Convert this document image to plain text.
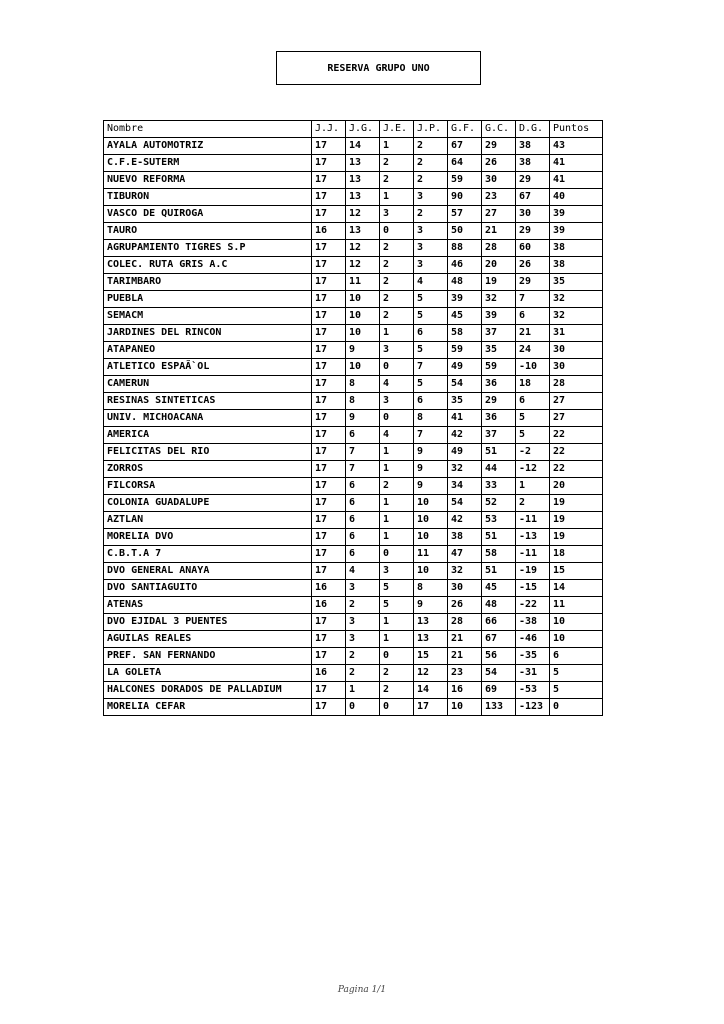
RESERVA GRUPO UNO
Nombre	J.J.	J.G.	J.E.	J.P.	G.F.	G.C.	D.G.	Puntos
AYALA AUTOMOTRIZ	17	14	1	2	67	29	38	43
C.F.E-SUTERM	17	13	2	2	64	26	38	41
NUEVO REFORMA	17	13	2	2	59	30	29	41
TIBURON	17	13	1	3	90	23	67	40
VASCO DE QUIROGA	17	12	3	2	57	27	30	39
TAURO	16	13	0	3	50	21	29	39
AGRUPAMIENTO TIGRES S.P	17	12	2	3	88	28	60	38
COLEC. RUTA GRIS A.C	17	12	2	3	46	20	26	38
TARIMBARO	17	11	2	4	48	19	29	35
PUEBLA	17	10	2	5	39	32	7	32
SEMACM	17	10	2	5	45	39	6	32
JARDINES DEL RINCON	17	10	1	6	58	37	21	31
ATAPANEO	17	9	3	5	59	35	24	30
ATLETICO ESPAÃ`OL	17	10	0	7	49	59	-10	30
CAMERUN	17	8	4	5	54	36	18	28
RESINAS SINTETICAS	17	8	3	6	35	29	6	27
UNIV. MICHOACANA	17	9	0	8	41	36	5	27
AMERICA	17	6	4	7	42	37	5	22
FELICITAS DEL RIO	17	7	1	9	49	51	-2	22
ZORROS	17	7	1	9	32	44	-12	22
FILCORSA	17	6	2	9	34	33	1	20
COLONIA GUADALUPE	17	6	1	10	54	52	2	19
AZTLAN	17	6	1	10	42	53	-11	19
MORELIA DVO	17	6	1	10	38	51	-13	19
C.B.T.A 7	17	6	0	11	47	58	-11	18
DVO GENERAL ANAYA	17	4	3	10	32	51	-19	15
DVO SANTIAGUITO	16	3	5	8	30	45	-15	14
ATENAS	16	2	5	9	26	48	-22	11
DVO EJIDAL 3 PUENTES	17	3	1	13	28	66	-38	10
AGUILAS REALES	17	3	1	13	21	67	-46	10
PREF. SAN FERNANDO	17	2	0	15	21	56	-35	6
LA GOLETA	16	2	2	12	23	54	-31	5
HALCONES DORADOS DE PALLADIUM	17	1	2	14	16	69	-53	5
MORELIA CEFAR	17	0	0	17	10	133	-123	0
Pagina 1/1
